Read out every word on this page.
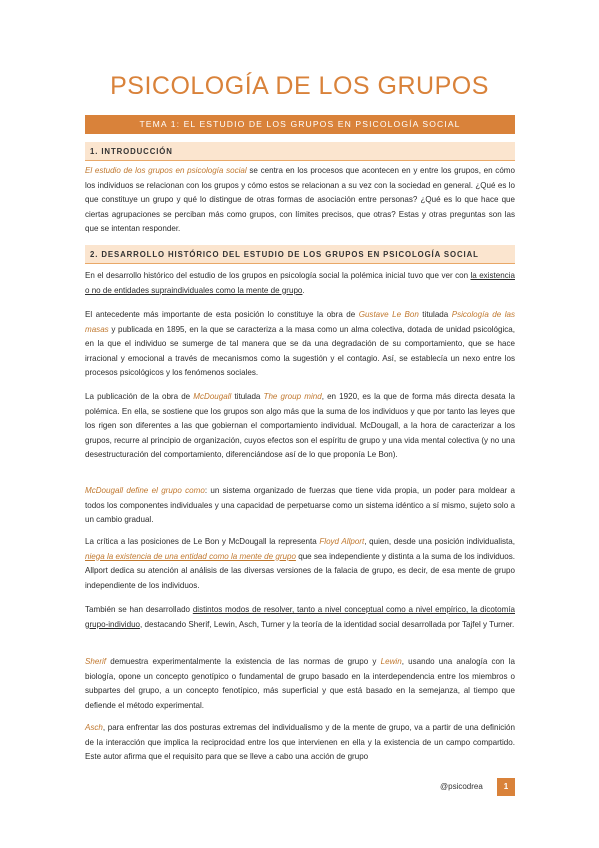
PSICOLOGÍA DE LOS GRUPOS
TEMA 1: EL ESTUDIO DE LOS GRUPOS EN PSICOLOGÍA SOCIAL
1. INTRODUCCIÓN

El estudio de los grupos en psicología social se centra en los procesos que acontecen en y entre los grupos, en cómo los individuos se relacionan con los grupos y cómo estos se relacionan a su vez con la sociedad en general. ¿Qué es lo que constituye un grupo y qué lo distingue de otras formas de asociación entre personas? ¿Qué es lo que hace que ciertas agrupaciones se perciban más como grupos, con límites precisos, que otras? Estas y otras preguntas son las que se intentan responder.

2. DESARROLLO HISTÓRICO DEL ESTUDIO DE LOS GRUPOS EN PSICOLOGÍA SOCIAL

En el desarrollo histórico del estudio de los grupos en psicología social la polémica inicial tuvo que ver con la existencia o no de entidades supraindividuales como la mente de grupo.

El antecedente más importante de esta posición lo constituye la obra de Gustave Le Bon titulada Psicología de las masas y publicada en 1895, en la que se caracteriza a la masa como un alma colectiva, dotada de unidad psicológica, en la que el individuo se sumerge de tal manera que se da una degradación de su comportamiento, que se hace irracional y emocional a través de mecanismos como la sugestión y el contagio. Así, se establecía un nexo entre los procesos psicológicos y los fenómenos sociales.

La publicación de la obra de McDougall titulada The group mind, en 1920, es la que de forma más directa desata la polémica. En ella, se sostiene que los grupos son algo más que la suma de los individuos y que por tanto las leyes que los rigen son diferentes a las que gobiernan el comportamiento individual. McDougall, a la hora de caracterizar a los grupos, recurre al principio de organización, cuyos efectos son el espíritu de grupo y una vida mental colectiva (y no una desestructuración del comportamiento, diferenciándose así de lo que proponía Le Bon).

McDougall define el grupo como: un sistema organizado de fuerzas que tiene vida propia, un poder para moldear a todos los componentes individuales y una capacidad de perpetuarse como un sistema idéntico a sí mismo, sujeto solo a un cambio gradual.

La crítica a las posiciones de Le Bon y McDougall la representa Floyd Allport, quien, desde una posición individualista, niega la existencia de una entidad como la mente de grupo que sea independiente y distinta a la suma de los individuos. Allport dedica su atención al análisis de las diversas versiones de la falacia de grupo, es decir, de esa mente de grupo independiente de los individuos.

También se han desarrollado distintos modos de resolver, tanto a nivel conceptual como a nivel empírico, la dicotomía grupo-individuo, destacando Sherif, Lewin, Asch, Turner y la teoría de la identidad social desarrollada por Tajfel y Turner.

Sherif demuestra experimentalmente la existencia de las normas de grupo y Lewin, usando una analogía con la biología, opone un concepto genotípico o fundamental de grupo basado en la interdependencia entre los miembros o subpartes del grupo, a un concepto fenotípico, más superficial y que está basado en la semejanza, al tiempo que defiende el método experimental.

Asch, para enfrentar las dos posturas extremas del individualismo y de la mente de grupo, va a partir de una definición de la interacción que implica la reciprocidad entre los que intervienen en ella y la existencia de un campo compartido. Este autor afirma que el requisito para que se lleve a cabo una acción de grupo

@psicodrea	1
